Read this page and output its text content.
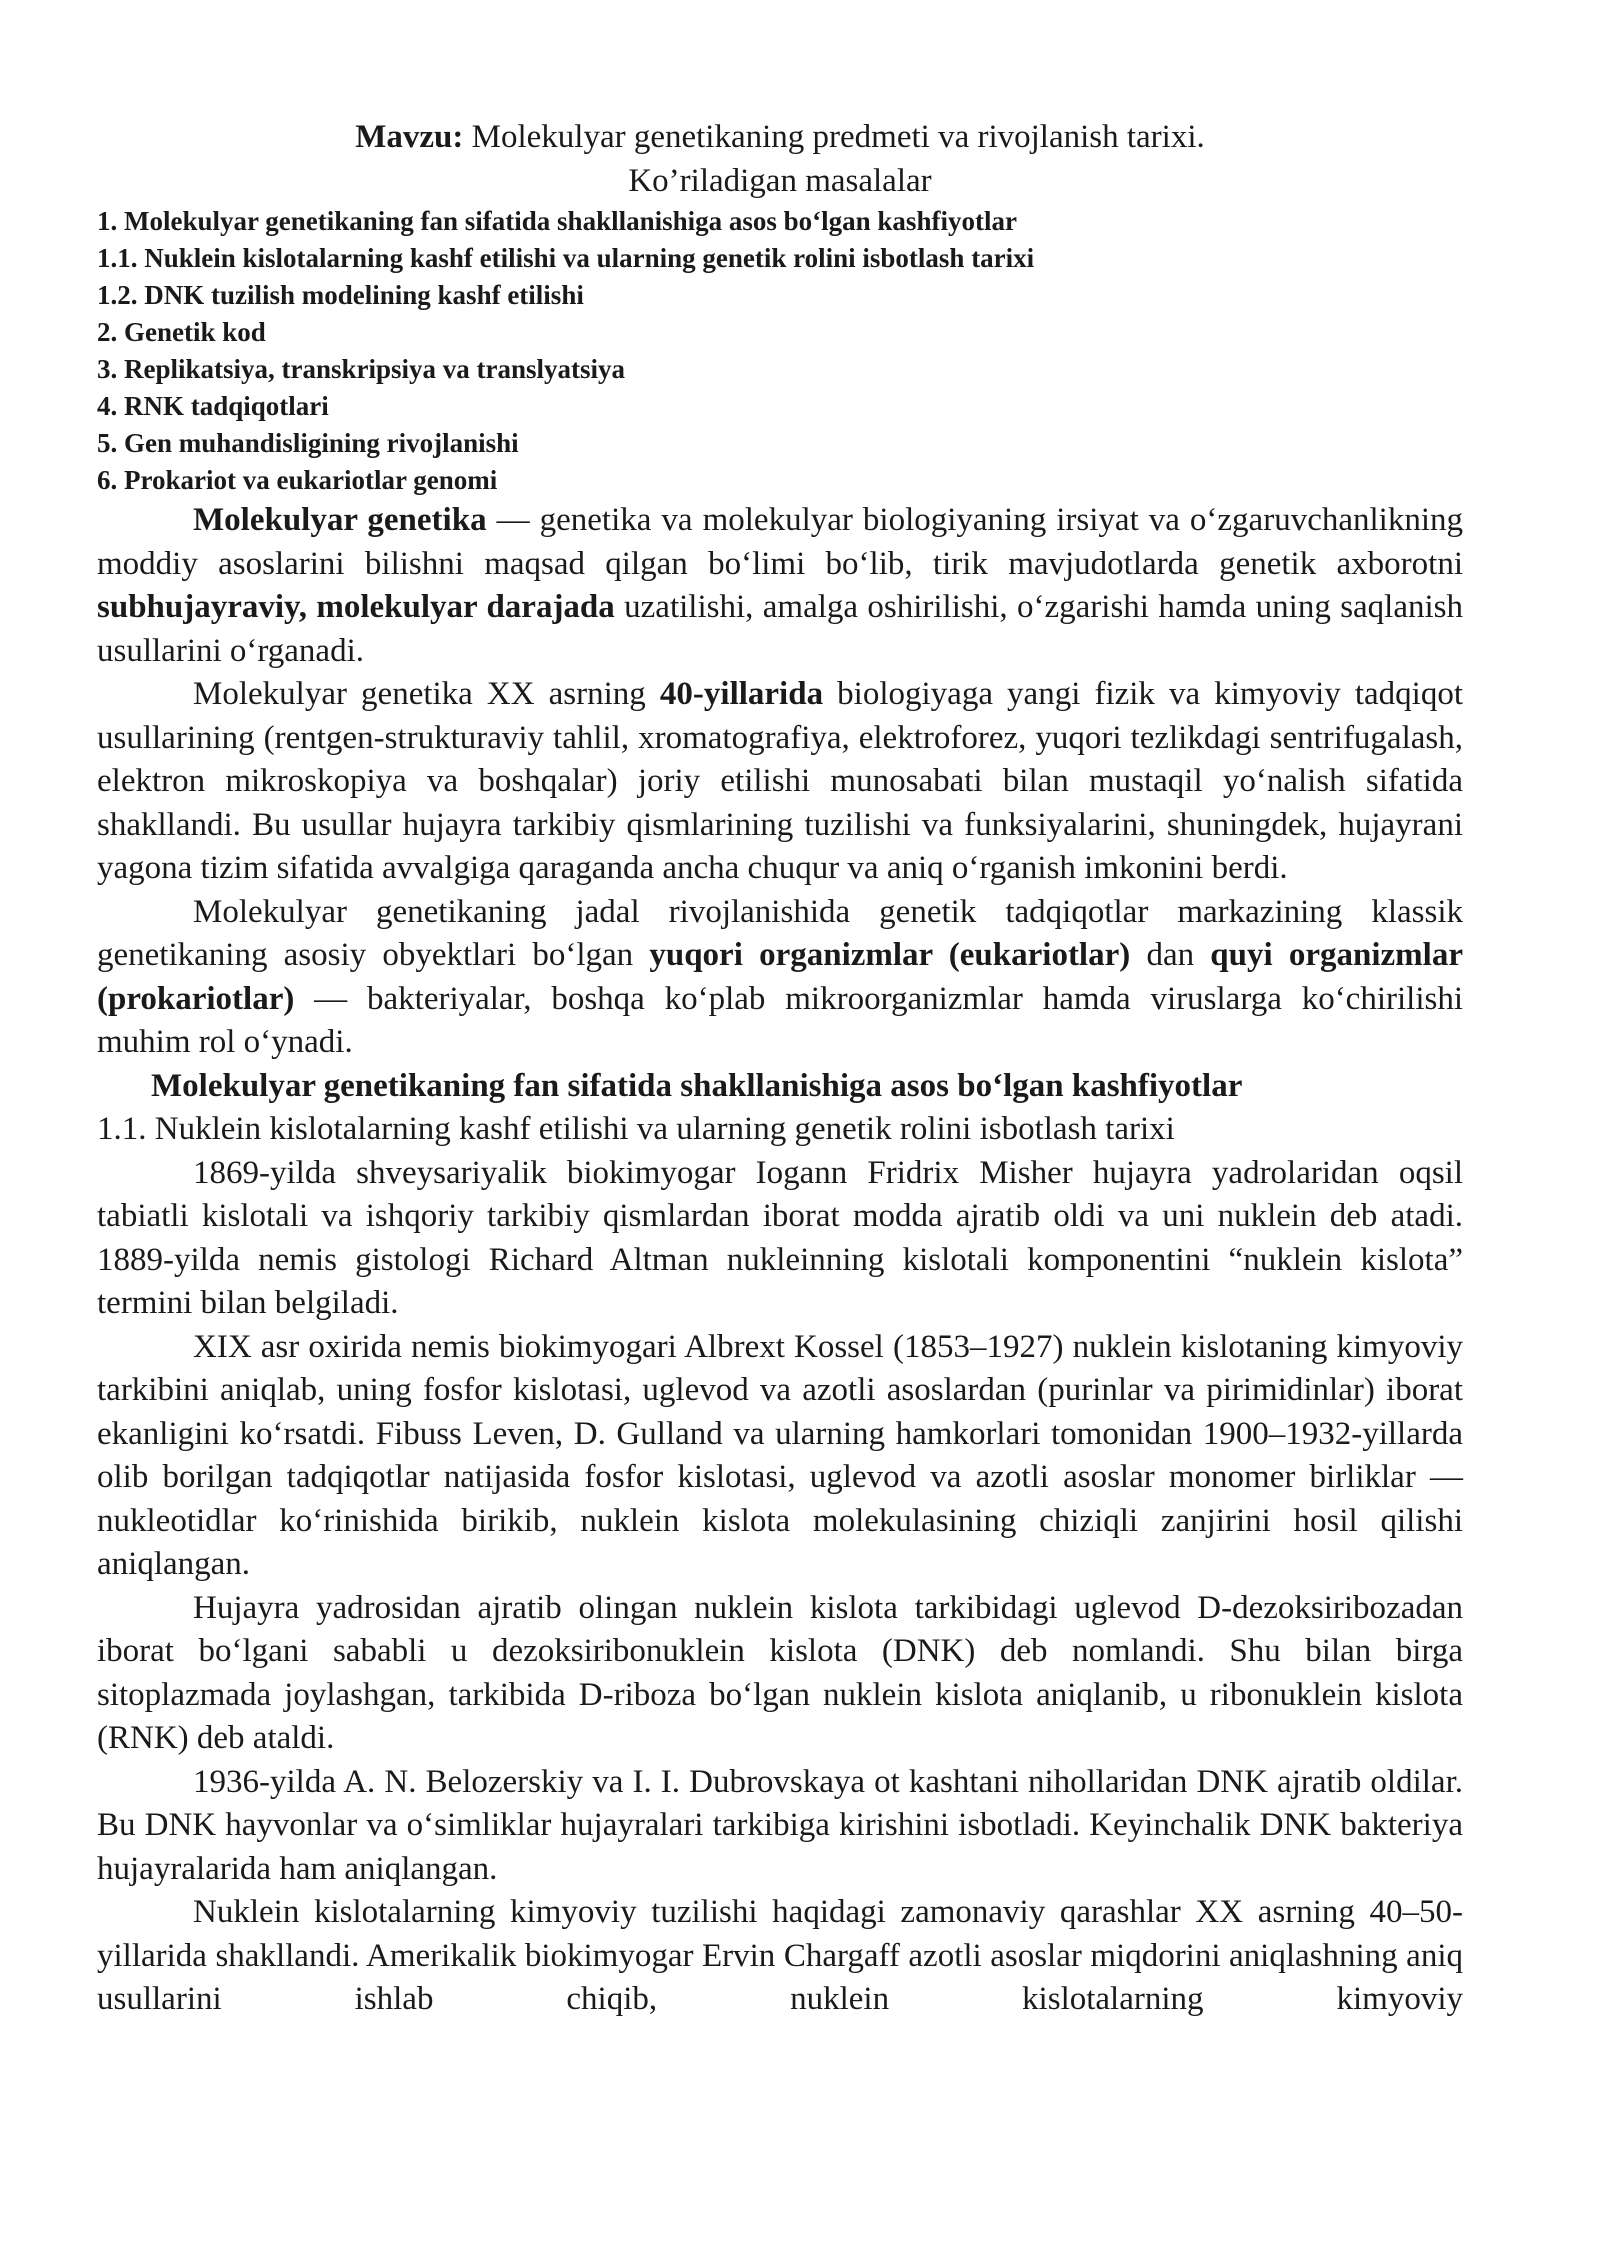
Mavzu: Molekulyar genetikaning predmeti va rivojlanish tarixi.
Ko’riladigan masalalar
1. Molekulyar genetikaning fan sifatida shakllanishiga asos bo‘lgan kashfiyotlar
1.1. Nuklein kislotalarning kashf etilishi va ularning genetik rolini isbotlash tarixi
1.2. DNK tuzilish modelining kashf etilishi
2. Genetik kod
3. Replikatsiya, transkripsiya va translyatsiya
4. RNK tadqiqotlari
5. Gen muhandisligining rivojlanishi
6. Prokariot va eukariotlar genomi

Molekulyar genetika — genetika va molekulyar biologiyaning irsiyat va o‘zgaruvchanlikning moddiy asoslarini bilishni maqsad qilgan bo‘limi bo‘lib, tirik mavjudotlarda genetik axborotni subhujayraviy, molekulyar darajada uzatilishi, amalga oshirilishi, o‘zgarishi hamda uning saqlanish usullarini o‘rganadi.

Molekulyar genetika XX asrning 40-yillarida biologiyaga yangi fizik va kimyoviy tadqiqot usullarining (rentgen-strukturaviy tahlil, xromatografiya, elektroforez, yuqori tezlikdagi sentrifugalash, elektron mikroskopiya va boshqalar) joriy etilishi munosabati bilan mustaqil yo‘nalish sifatida shakllandi. Bu usullar hujayra tarkibiy qismlarining tuzilishi va funksiyalarini, shuningdek, hujayrani yagona tizim sifatida avvalgiga qaraganda ancha chuqur va aniq o‘rganish imkonini berdi.

Molekulyar genetikaning jadal rivojlanishida genetik tadqiqotlar markazining klassik genetikaning asosiy obyektlari bo‘lgan yuqori organizmlar (eukariotlar) dan quyi organizmlar (prokariotlar) — bakteriyalar, boshqa ko‘plab mikroorganizmlar hamda viruslarga ko‘chirilishi muhim rol o‘ynadi.

Molekulyar genetikaning fan sifatida shakllanishiga asos bo‘lgan kashfiyotlar

1.1. Nuklein kislotalarning kashf etilishi va ularning genetik rolini isbotlash tarixi

1869-yilda shveysariyalik biokimyogar Iogann Fridrix Misher hujayra yadrolaridan oqsil tabiatli kislotali va ishqoriy tarkibiy qismlardan iborat modda ajratib oldi va uni nuklein deb atadi. 1889-yilda nemis gistologi Richard Altman nukleinning kislotali komponentini “nuklein kislota” termini bilan belgiladi.

XIX asr oxirida nemis biokimyogari Albrext Kossel (1853–1927) nuklein kislotaning kimyoviy tarkibini aniqlab, uning fosfor kislotasi, uglevod va azotli asoslardan (purinlar va pirimidinlar) iborat ekanligini ko‘rsatdi. Fibuss Leven, D. Gulland va ularning hamkorlari tomonidan 1900–1932-yillarda olib borilgan tadqiqotlar natijasida fosfor kislotasi, uglevod va azotli asoslar monomer birliklar — nukleotidlar ko‘rinishida birikib, nuklein kislota molekulasining chiziqli zanjirini hosil qilishi aniqlangan.

Hujayra yadrosidan ajratib olingan nuklein kislota tarkibidagi uglevod D-dezoksiribozadan iborat bo‘lgani sababli u dezoksiribonuklein kislota (DNK) deb nomlandi. Shu bilan birga sitoplazmada joylashgan, tarkibida D-riboza bo‘lgan nuklein kislota aniqlanib, u ribonuklein kislota (RNK) deb ataldi.

1936-yilda A. N. Belozerskiy va I. I. Dubrovskaya ot kashtani nihollaridan DNK ajratib oldilar. Bu DNK hayvonlar va o‘simliklar hujayralari tarkibiga kirishini isbotladi. Keyinchalik DNK bakteriya hujayralarida ham aniqlangan.

Nuklein kislotalarning kimyoviy tuzilishi haqidagi zamonaviy qarashlar XX asrning 40–50-yillarida shakllandi. Amerikalik biokimyogar Ervin Chargaff azotli asoslar miqdorini aniqlashning aniq usullarini ishlab chiqib, nuklein kislotalarning kimyoviy
